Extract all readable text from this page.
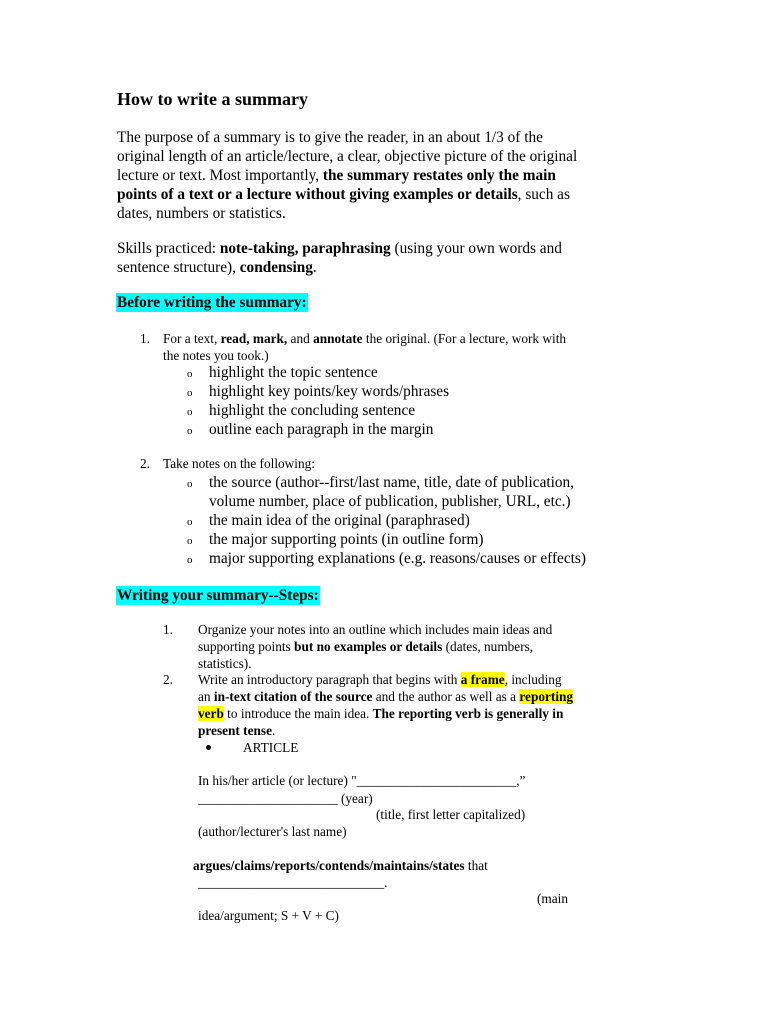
How to write a summary
The purpose of a summary is to give the reader, in an about 1/3 of the
original length of an article/lecture, a clear, objective picture of the original
lecture or text. Most importantly, the summary restates only the main
points of a text or a lecture without giving examples or details, such as
dates, numbers or statistics.
Skills practiced: note-taking, paraphrasing (using your own words and
sentence structure), condensing.
Before writing the summary:
1. For a text, read, mark, and annotate the original. (For a lecture, work with
the notes you took.)
o highlight the topic sentence
o highlight key points/key words/phrases
o highlight the concluding sentence
o outline each paragraph in the margin
2. Take notes on the following:
o the source (author--first/last name, title, date of publication,
volume number, place of publication, publisher, URL, etc.)
o the main idea of the original (paraphrased)
o the major supporting points (in outline form)
o major supporting explanations (e.g. reasons/causes or effects)
Writing your summary--Steps:
1. Organize your notes into an outline which includes main ideas and
supporting points but no examples or details (dates, numbers,
statistics).
2. Write an introductory paragraph that begins with a frame, including
an in-text citation of the source and the author as well as a reporting
verb to introduce the main idea. The reporting verb is generally in
present tense.
ARTICLE
In his/her article (or lecture) "________________________,”
_____________________ (year)
(title, first letter capitalized)
(author/lecturer's last name)
argues/claims/reports/contends/maintains/states that
____________________________.
(main
idea/argument; S + V + C)
